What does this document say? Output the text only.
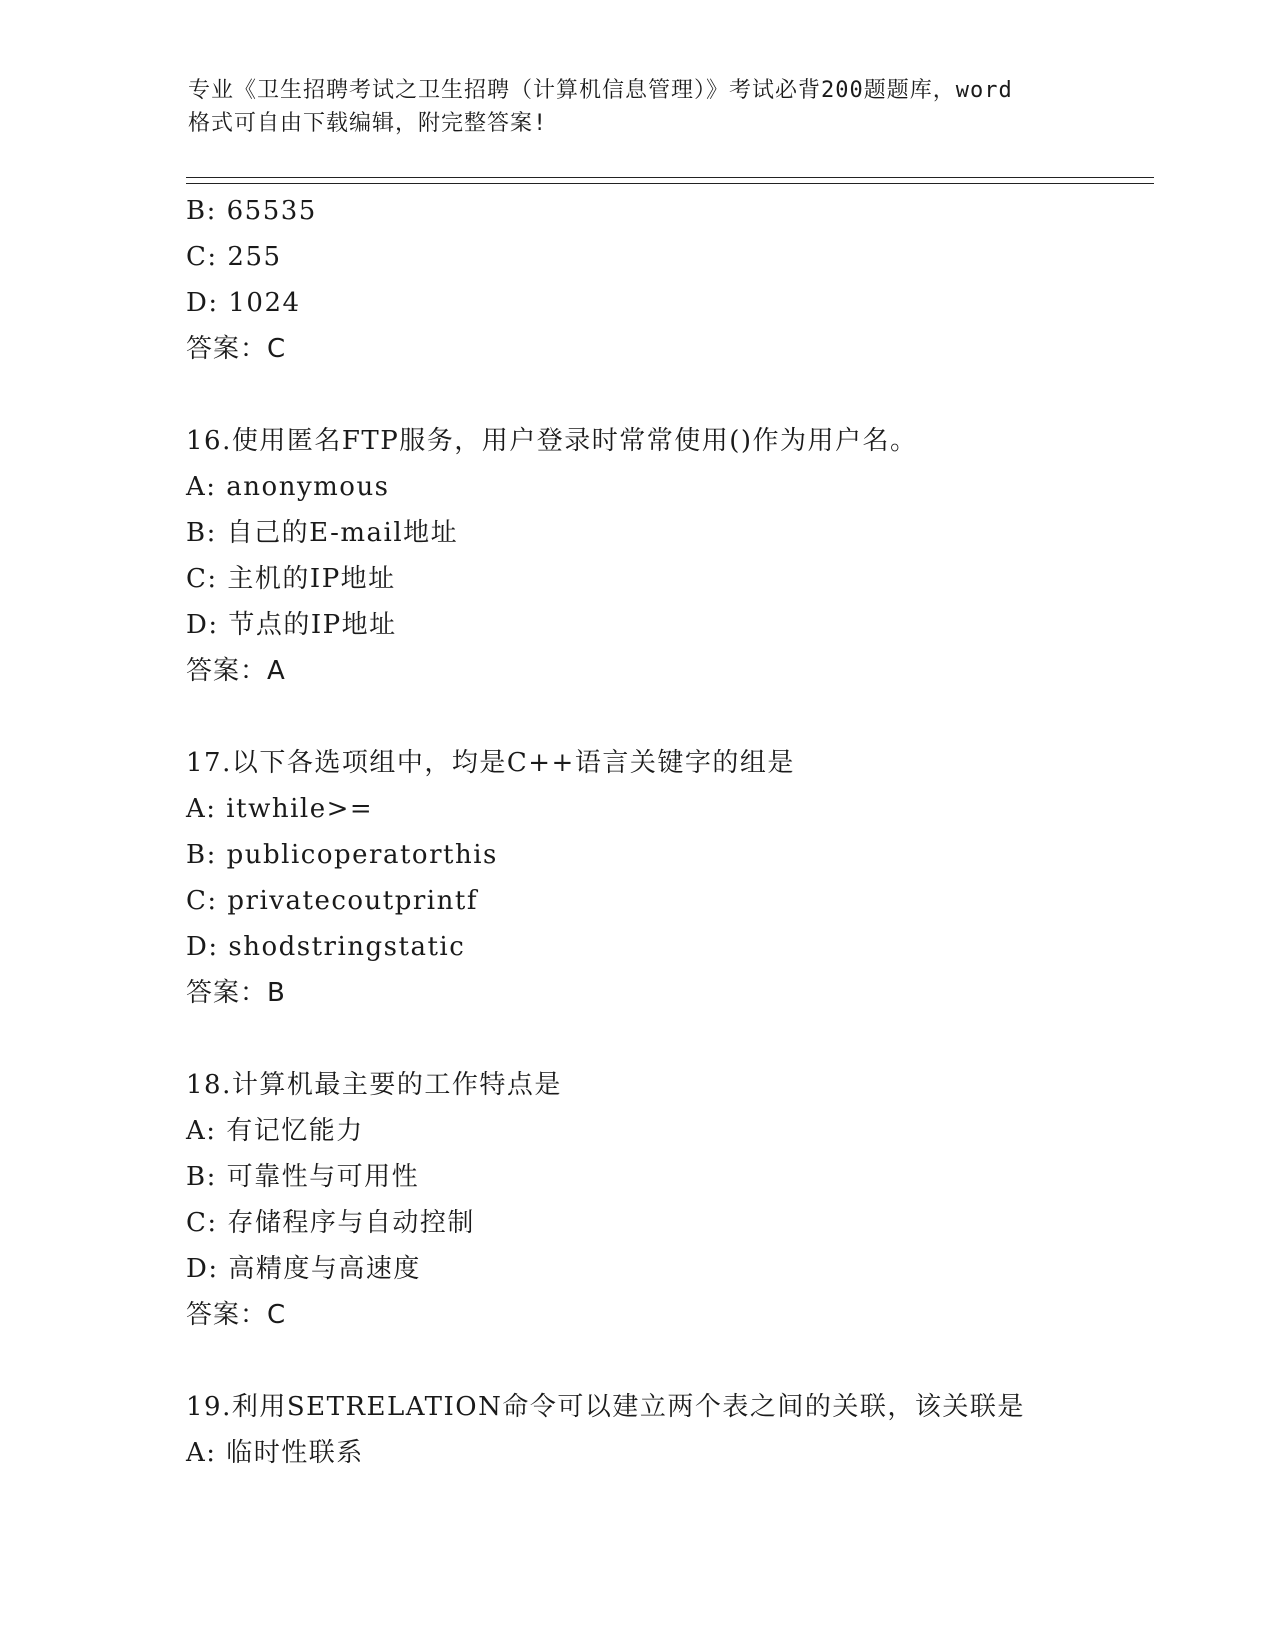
专业《卫生招聘考试之卫生招聘（计算机信息管理）》考试必背200题题库，word
格式可自由下载编辑，附完整答案!
B: 65535
C: 255
D: 1024
答案：C
16.使用匿名FTP服务，用户登录时常常使用()作为用户名。
A: anonymous
B: 自己的E-mail地址
C: 主机的IP地址
D: 节点的IP地址
答案：A
17.以下各选项组中，均是C++语言关键字的组是
A: itwhile>=
B: publicoperatorthis
C: privatecoutprintf
D: shodstringstatic
答案：B
18.计算机最主要的工作特点是
A: 有记忆能力
B: 可靠性与可用性
C: 存储程序与自动控制
D: 高精度与高速度
答案：C
19.利用SETRELATION命令可以建立两个表之间的关联，该关联是
A: 临时性联系
